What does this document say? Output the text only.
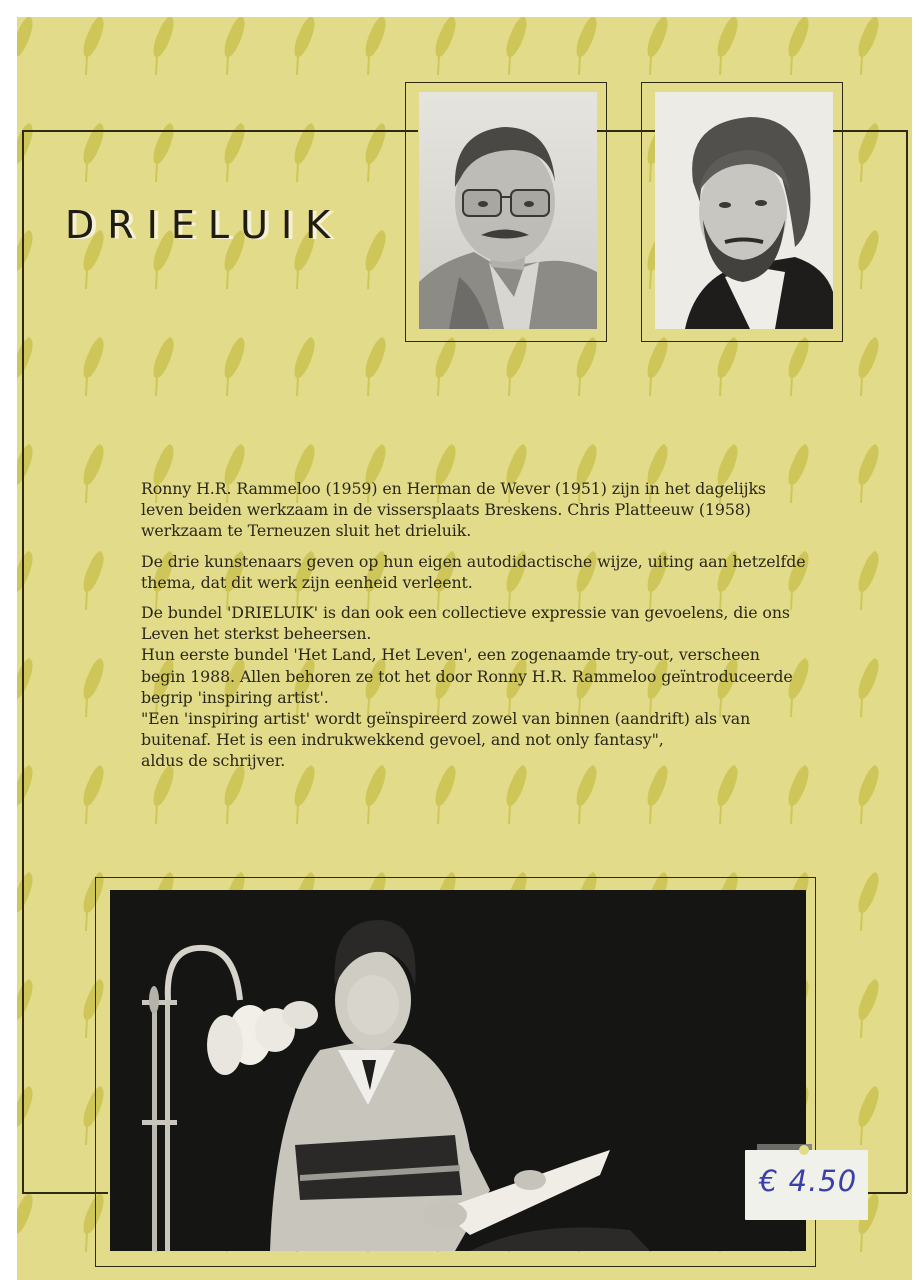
DRIELUIK
Ronny H.R. Rammeloo (1959) en Herman de Wever (1951) zijn in het dagelijks
leven beiden werkzaam in de vissersplaats Breskens. Chris Platteeuw (1958)
werkzaam te Terneuzen sluit het drieluik.
De drie kunstenaars geven op hun eigen autodidactische wijze, uiting aan hetzelfde
thema, dat dit werk zijn eenheid verleent.
De bundel 'DRIELUIK' is dan ook een collectieve expressie van gevoelens, die ons
Leven het sterkst beheersen.
Hun eerste bundel 'Het Land, Het Leven', een zogenaamde try-out, verscheen
begin 1988. Allen behoren ze tot het door Ronny H.R. Rammeloo geïntroduceerde
begrip 'inspiring artist'.
"Een 'inspiring artist' wordt geïnspireerd zowel van binnen (aandrift) als van
buitenaf. Het is een indrukwekkend gevoel, and not only fantasy",
aldus de schrijver.
€ 4.50
